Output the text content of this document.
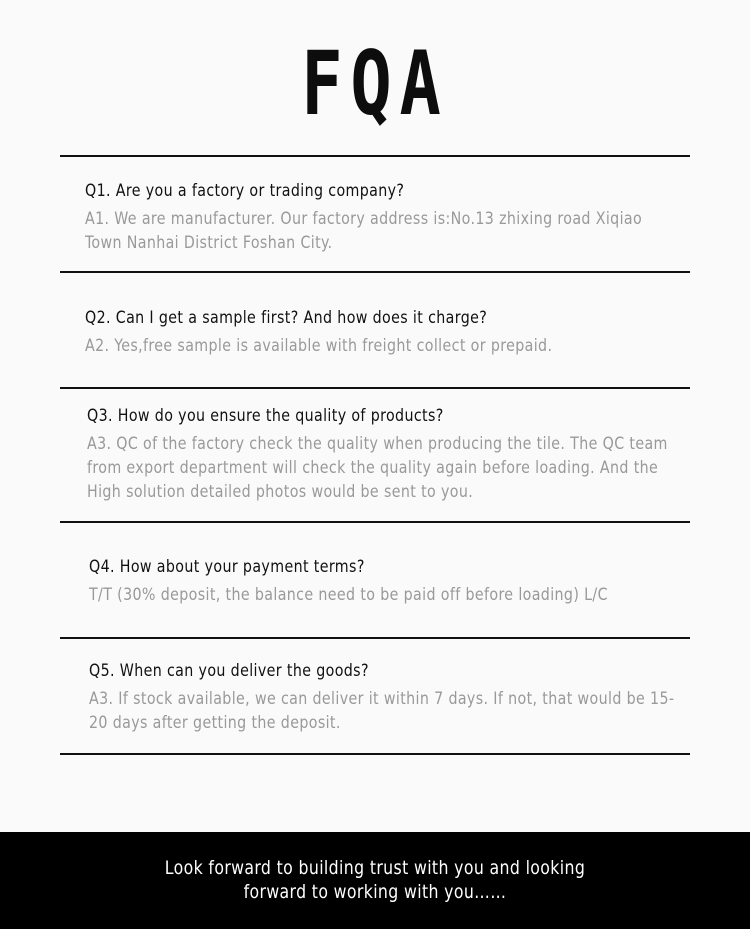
FQA
Q1. Are you a factory or trading company?
A1. We are manufacturer. Our factory address is:No.13 zhixing road Xiqiao Town Nanhai District Foshan City.
Q2. Can I get a sample first? And how does it charge?
A2. Yes,free sample is available with freight collect or prepaid.
Q3. How do you ensure the quality of products?
A3. QC of the factory check the quality when producing the tile. The QC team from export department will check the quality again before loading. And the High solution detailed photos would be sent to you.
Q4. How about your payment terms?
T/T (30% deposit, the balance need to be paid off before loading) L/C
Q5. When can you deliver the goods?
A3. If stock available, we can deliver it within 7 days. If not, that would be 15-20 days after getting the deposit.
Look forward to building trust with you and looking
forward to working with you……
